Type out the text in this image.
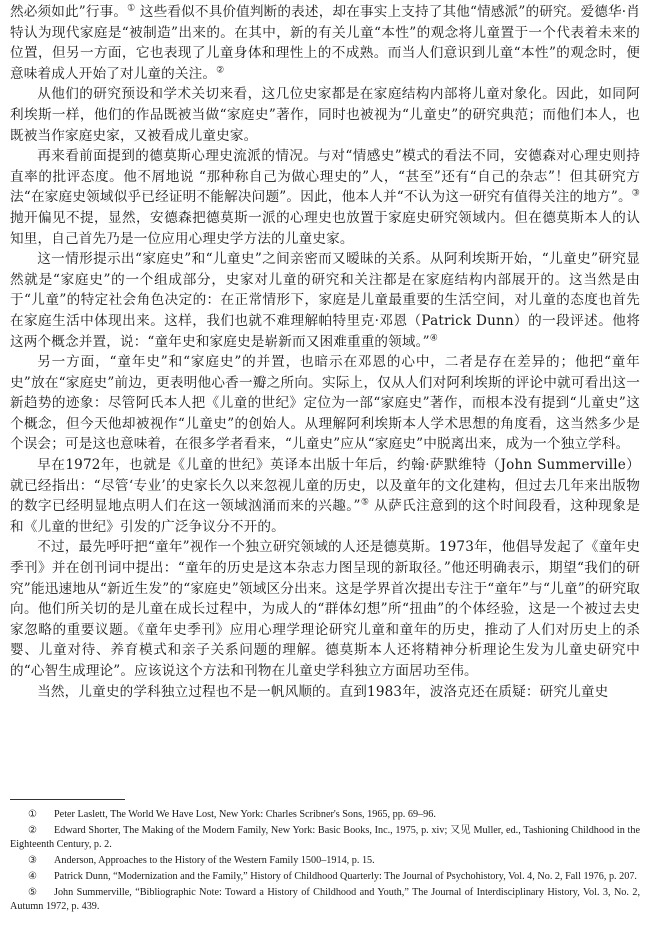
然必须如此”行事。① 这些看似不具价值判断的表述，却在事实上支持了其他“情感派”的研究。爱德华·肖特认为现代家庭是“被制造”出来的。在其中，新的有关儿童“本性”的观念将儿童置于一个代表着未来的位置，但另一方面，它也表现了儿童身体和理性上的不成熟。而当人们意识到儿童“本性”的观念时，便意味着成人开始了对儿童的关注。②

从他们的研究预设和学术关切来看，这几位史家都是在家庭结构内部将儿童对象化。因此，如同阿利埃斯一样，他们的作品既被当做“家庭史”著作，同时也被视为“儿童史”的研究典范；而他们本人，也既被当作家庭史家，又被看成儿童史家。

再来看前面提到的德莫斯心理史流派的情况。与对“情感史”模式的看法不同，安德森对心理史则持直率的批评态度。他不屑地说 “那种称自己为做心理史的”人，“甚至”还有“自己的杂志”！但其研究方法“在家庭史领域似乎已经证明不能解决问题”。因此，他本人并“不认为这一研究有值得关注的地方”。③ 抛开偏见不提，显然，安德森把德莫斯一派的心理史也放置于家庭史研究领域内。但在德莫斯本人的认知里，自己首先乃是一位应用心理史学方法的儿童史家。

这一情形提示出“家庭史”和“儿童史”之间亲密而又暧昧的关系。从阿利埃斯开始，“儿童史”研究显然就是“家庭史”的一个组成部分，史家对儿童的研究和关注都是在家庭结构内部展开的。这当然是由于“儿童”的特定社会角色决定的：在正常情形下，家庭是儿童最重要的生活空间，对儿童的态度也首先在家庭生活中体现出来。这样，我们也就不难理解帕特里克·邓恩（Patrick Dunn）的一段评述。他将这两个概念并置，说：“童年史和家庭史是崭新而又困难重重的领域。”④

另一方面，“童年史”和“家庭史”的并置，也暗示在邓恩的心中，二者是存在差异的；他把“童年史”放在“家庭史”前边，更表明他心香一瓣之所向。实际上，仅从人们对阿利埃斯的评论中就可看出这一新趋势的迹象：尽管阿氏本人把《儿童的世纪》定位为一部“家庭史”著作，而根本没有提到“儿童史”这个概念，但今天他却被视作“儿童史”的创始人。从理解阿利埃斯本人学术思想的角度看，这当然多少是个误会；可是这也意味着，在很多学者看来，“儿童史”应从“家庭史”中脱离出来，成为一个独立学科。

早在1972年，也就是《儿童的世纪》英译本出版十年后，约翰·萨默维特（John Summerville）就已经指出：“尽管‘专业’的史家长久以来忽视儿童的历史，以及童年的文化建构，但过去几年来出版物的数字已经明显地点明人们在这一领域汹涌而来的兴趣。”⑤ 从萨氏注意到的这个时间段看，这种现象是和《儿童的世纪》引发的广泛争议分不开的。

不过，最先呼吁把“童年”视作一个独立研究领域的人还是德莫斯。1973年，他倡导发起了《童年史季刊》并在创刊词中提出：“童年的历史是这本杂志力图呈现的新取径。”他还明确表示，期望“我们的研究”能迅速地从“新近生发”的“家庭史”领域区分出来。这是学界首次提出专注于“童年”与“儿童”的研究取向。他们所关切的是儿童在成长过程中，为成人的“群体幻想”所“扭曲”的个体经验，这是一个被过去史家忽略的重要议题。《童年史季刊》应用心理学理论研究儿童和童年的历史，推动了人们对历史上的杀婴、儿童对待、养育模式和亲子关系问题的理解。德莫斯本人还将精神分析理论生发为儿童史研究中的“心智生成理论”。应该说这个方法和刊物在儿童史学科独立方面居功至伟。

当然，儿童史的学科独立过程也不是一帆风顺的。直到1983年，波洛克还在质疑：研究儿童史

① Peter Laslett, The World We Have Lost, New York: Charles Scribner's Sons, 1965, pp. 69–96.

② Edward Shorter, The Making of the Modern Family, New York: Basic Books, Inc., 1975, p. xiv; 又见 Muller, ed., Tashioning Childhood in the Eighteenth Century, p. 2.

③ Anderson, Approaches to the History of the Western Family 1500–1914, p. 15.

④ Patrick Dunn, “Modernization and the Family,” History of Childhood Quarterly: The Journal of Psychohistory, Vol. 4, No. 2, Fall 1976, p. 207.

⑤ John Summerville, “Bibliographic Note: Toward a History of Childhood and Youth,” The Journal of Interdisciplinary History, Vol. 3, No. 2, Autumn 1972, p. 439.
